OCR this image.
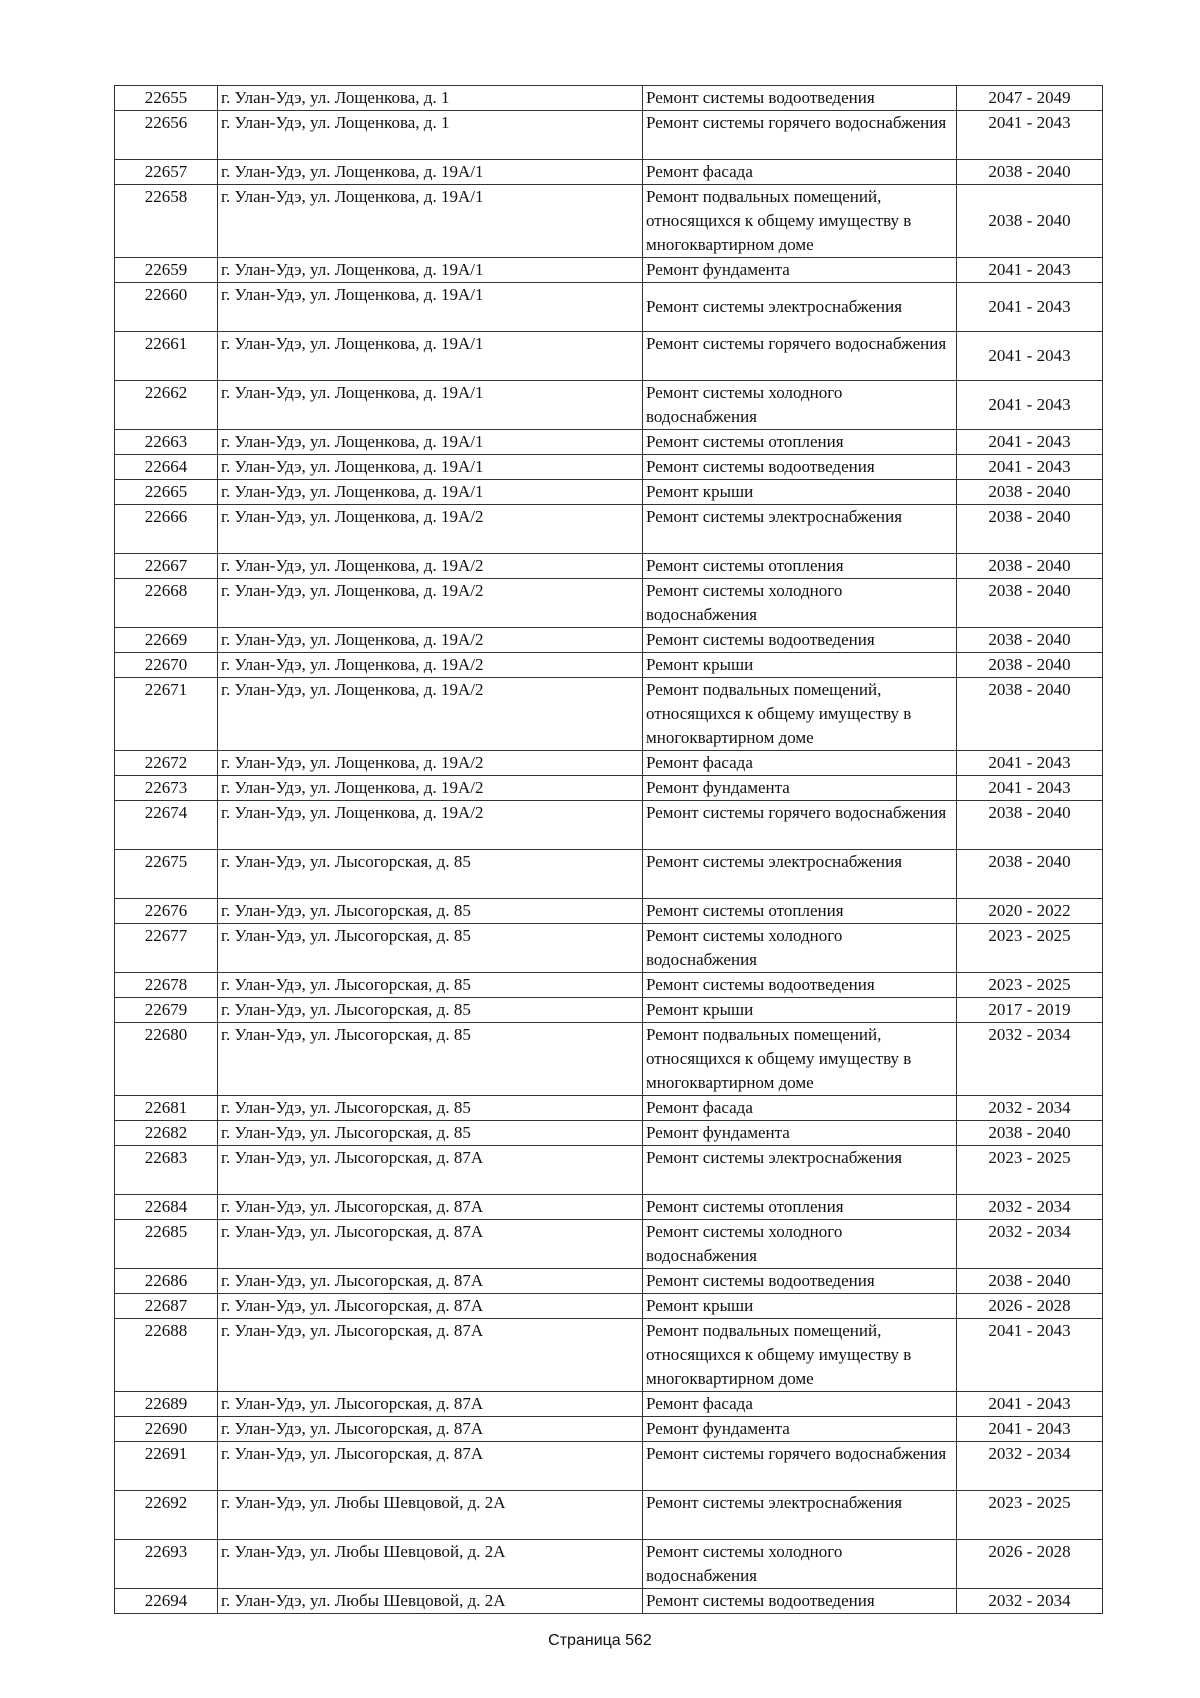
22655	г. Улан-Удэ, ул. Лощенкова, д. 1	Ремонт системы водоотведения	2047 - 2049
22656	г. Улан-Удэ, ул. Лощенкова, д. 1	Ремонт системы горячего водоснабжения	2041 - 2043
22657	г. Улан-Удэ, ул. Лощенкова, д. 19А/1	Ремонт фасада	2038 - 2040
22658	г. Улан-Удэ, ул. Лощенкова, д. 19А/1	Ремонт подвальных помещений, относящихся к общему имуществу в многоквартирном доме	2038 - 2040
22659	г. Улан-Удэ, ул. Лощенкова, д. 19А/1	Ремонт фундамента	2041 - 2043
22660	г. Улан-Удэ, ул. Лощенкова, д. 19А/1	Ремонт системы электроснабжения	2041 - 2043
22661	г. Улан-Удэ, ул. Лощенкова, д. 19А/1	Ремонт системы горячего водоснабжения	2041 - 2043
22662	г. Улан-Удэ, ул. Лощенкова, д. 19А/1	Ремонт системы холодного водоснабжения	2041 - 2043
22663	г. Улан-Удэ, ул. Лощенкова, д. 19А/1	Ремонт системы отопления	2041 - 2043
22664	г. Улан-Удэ, ул. Лощенкова, д. 19А/1	Ремонт системы водоотведения	2041 - 2043
22665	г. Улан-Удэ, ул. Лощенкова, д. 19А/1	Ремонт крыши	2038 - 2040
22666	г. Улан-Удэ, ул. Лощенкова, д. 19А/2	Ремонт системы электроснабжения	2038 - 2040
22667	г. Улан-Удэ, ул. Лощенкова, д. 19А/2	Ремонт системы отопления	2038 - 2040
22668	г. Улан-Удэ, ул. Лощенкова, д. 19А/2	Ремонт системы холодного водоснабжения	2038 - 2040
22669	г. Улан-Удэ, ул. Лощенкова, д. 19А/2	Ремонт системы водоотведения	2038 - 2040
22670	г. Улан-Удэ, ул. Лощенкова, д. 19А/2	Ремонт крыши	2038 - 2040
22671	г. Улан-Удэ, ул. Лощенкова, д. 19А/2	Ремонт подвальных помещений, относящихся к общему имуществу в многоквартирном доме	2038 - 2040
22672	г. Улан-Удэ, ул. Лощенкова, д. 19А/2	Ремонт фасада	2041 - 2043
22673	г. Улан-Удэ, ул. Лощенкова, д. 19А/2	Ремонт фундамента	2041 - 2043
22674	г. Улан-Удэ, ул. Лощенкова, д. 19А/2	Ремонт системы горячего водоснабжения	2038 - 2040
22675	г. Улан-Удэ, ул. Лысогорская, д. 85	Ремонт системы электроснабжения	2038 - 2040
22676	г. Улан-Удэ, ул. Лысогорская, д. 85	Ремонт системы отопления	2020 - 2022
22677	г. Улан-Удэ, ул. Лысогорская, д. 85	Ремонт системы холодного водоснабжения	2023 - 2025
22678	г. Улан-Удэ, ул. Лысогорская, д. 85	Ремонт системы водоотведения	2023 - 2025
22679	г. Улан-Удэ, ул. Лысогорская, д. 85	Ремонт крыши	2017 - 2019
22680	г. Улан-Удэ, ул. Лысогорская, д. 85	Ремонт подвальных помещений, относящихся к общему имуществу в многоквартирном доме	2032 - 2034
22681	г. Улан-Удэ, ул. Лысогорская, д. 85	Ремонт фасада	2032 - 2034
22682	г. Улан-Удэ, ул. Лысогорская, д. 85	Ремонт фундамента	2038 - 2040
22683	г. Улан-Удэ, ул. Лысогорская, д. 87А	Ремонт системы электроснабжения	2023 - 2025
22684	г. Улан-Удэ, ул. Лысогорская, д. 87А	Ремонт системы отопления	2032 - 2034
22685	г. Улан-Удэ, ул. Лысогорская, д. 87А	Ремонт системы холодного водоснабжения	2032 - 2034
22686	г. Улан-Удэ, ул. Лысогорская, д. 87А	Ремонт системы водоотведения	2038 - 2040
22687	г. Улан-Удэ, ул. Лысогорская, д. 87А	Ремонт крыши	2026 - 2028
22688	г. Улан-Удэ, ул. Лысогорская, д. 87А	Ремонт подвальных помещений, относящихся к общему имуществу в многоквартирном доме	2041 - 2043
22689	г. Улан-Удэ, ул. Лысогорская, д. 87А	Ремонт фасада	2041 - 2043
22690	г. Улан-Удэ, ул. Лысогорская, д. 87А	Ремонт фундамента	2041 - 2043
22691	г. Улан-Удэ, ул. Лысогорская, д. 87А	Ремонт системы горячего водоснабжения	2032 - 2034
22692	г. Улан-Удэ, ул. Любы Шевцовой, д. 2А	Ремонт системы электроснабжения	2023 - 2025
22693	г. Улан-Удэ, ул. Любы Шевцовой, д. 2А	Ремонт системы холодного водоснабжения	2026 - 2028
22694	г. Улан-Удэ, ул. Любы Шевцовой, д. 2А	Ремонт системы водоотведения	2032 - 2034
Страница 562
